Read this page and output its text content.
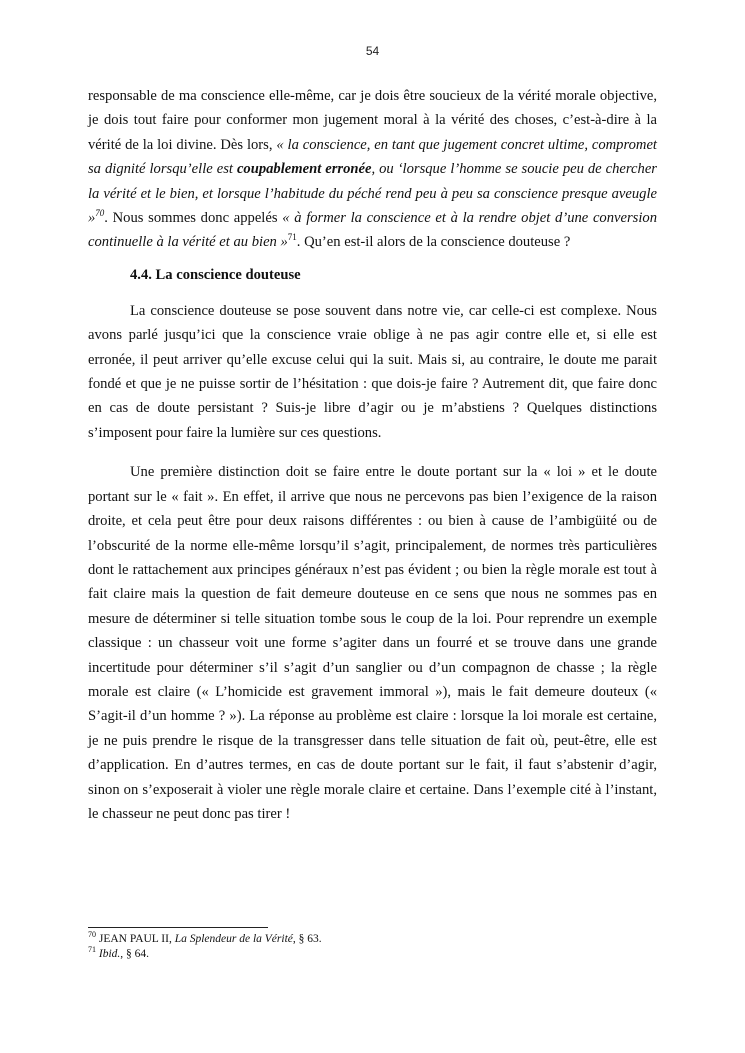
54

responsable de ma conscience elle-même, car je dois être soucieux de la vérité morale objective, je dois tout faire pour conformer mon jugement moral à la vérité des choses, c’est-à-dire à la vérité de la loi divine. Dès lors, « la conscience, en tant que jugement concret ultime, compromet sa dignité lorsqu’elle est coupablement erronée, ou ‘lorsque l’homme se soucie peu de chercher la vérité et le bien, et lorsque l’habitude du péché rend peu à peu sa conscience presque aveugle »$^{70}$. Nous sommes donc appelés « à former la conscience et à la rendre objet d’une conversion continuelle à la vérité et au bien »$^{71}$. Qu’en est-il alors de la conscience douteuse ?

4.4. La conscience douteuse

La conscience douteuse se pose souvent dans notre vie, car celle-ci est complexe. Nous avons parlé jusqu’ici que la conscience vraie oblige à ne pas agir contre elle et, si elle est erronée, il peut arriver qu’elle excuse celui qui la suit. Mais si, au contraire, le doute me parait fondé et que je ne puisse sortir de l’hésitation : que dois-je faire ? Autrement dit, que faire donc en cas de doute persistant ? Suis-je libre d’agir ou je m’abstiens ? Quelques distinctions s’imposent pour faire la lumière sur ces questions.

Une première distinction doit se faire entre le doute portant sur la « loi » et le doute portant sur le « fait ». En effet, il arrive que nous ne percevons pas bien l’exigence de la raison droite, et cela peut être pour deux raisons différentes : ou bien à cause de l’ambigüité ou de l’obscurité de la norme elle-même lorsqu’il s’agit, principalement, de normes très particulières dont le rattachement aux principes généraux n’est pas évident ; ou bien la règle morale est tout à fait claire mais la question de fait demeure douteuse en ce sens que nous ne sommes pas en mesure de déterminer si telle situation tombe sous le coup de la loi. Pour reprendre un exemple classique : un chasseur voit une forme s’agiter dans un fourré et se trouve dans une grande incertitude pour déterminer s’il s’agit d’un sanglier ou d’un compagnon de chasse ; la règle morale est claire (« L’homicide est gravement immoral »), mais le fait demeure douteux (« S’agit-il d’un homme ? »). La réponse au problème est claire : lorsque la loi morale est certaine, je ne puis prendre le risque de la transgresser dans telle situation de fait où, peut-être, elle est d’application. En d’autres termes, en cas de doute portant sur le fait, il faut s’abstenir d’agir, sinon on s’exposerait à violer une règle morale claire et certaine. Dans l’exemple cité à l’instant, le chasseur ne peut donc pas tirer !

$^{70}$ JEAN PAUL II, La Splendeur de la Vérité, § 63.

$^{71}$ Ibid., § 64.
